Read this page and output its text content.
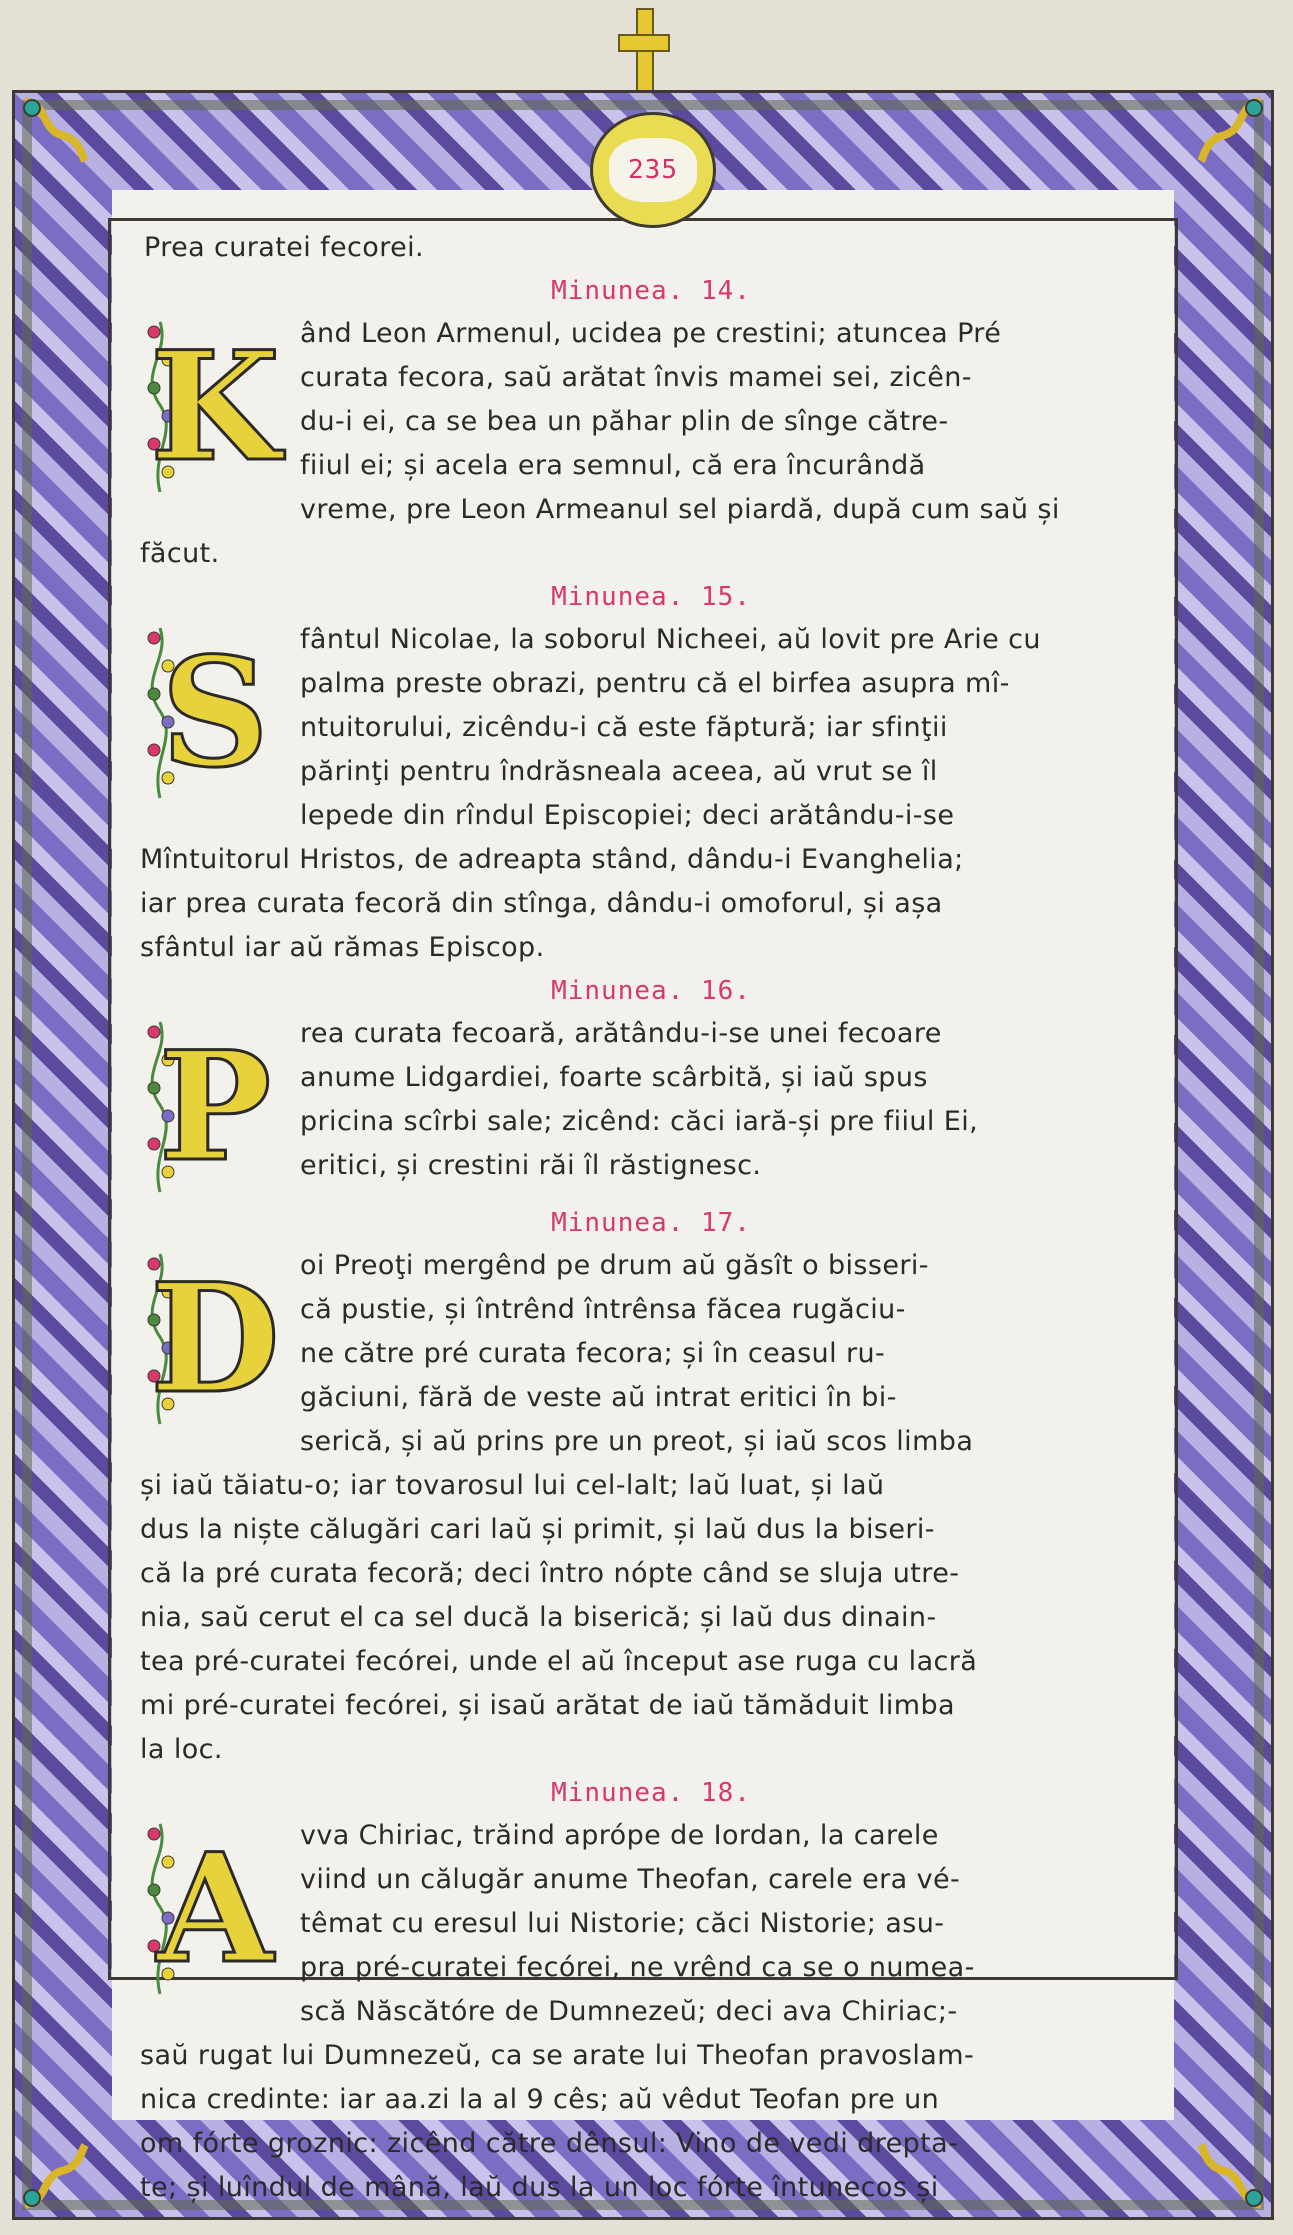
235
Prea curatei fecorei.
Minunea. 14.
K ând Leon Armenul, ucidea pe crestini; atuncea Pré
curata fecora, saŭ arătat învis mamei sei, zicên-
du-i ei, ca se bea un păhar plin de sînge către-
fiiul ei; și acela era semnul, că era încurândă
vreme, pre Leon Armeanul sel piardă, după cum saŭ și
făcut.
Minunea. 15.
S	fântul Nicolae, la soborul Nicheei, aŭ lovit pre Arie cu
palma preste obrazi, pentru că el birfea asupra mî-
ntuitorului, zicêndu-i că este făptură; iar sfinţii
părinţi pentru îndrăsneala aceea, aŭ vrut se îl
lepede din rîndul Episcopiei; deci arătându-i-se
Mîntuitorul Hristos, de adreapta stând, dându-i Evanghelia;
iar prea curata fecoră din stînga, dându-i omoforul, și așa
sfântul iar aŭ rămas Episcop.
Minunea. 16.
P	rea curata fecoară, arătându-i-se unei fecoare
anume Lidgardiei, foarte scârbită, și iaŭ spus
pricina scîrbi sale; zicênd: căci iară-și pre fiiul Ei,
eritici, și crestini răi îl răstignesc.
Minunea. 17.
D oi Preoţi mergênd pe drum aŭ găsît o bisseri-
că pustie, și întrênd întrênsa făcea rugăciu-
ne către pré curata fecora; și în ceasul ru-
găciuni, fără de veste aŭ intrat eritici în bi-
serică, și aŭ prins pre un preot, și iaŭ scos limba
și iaŭ tăiatu-o; iar tovarosul lui cel-lalt; laŭ luat, și laŭ
dus la niște călugări cari laŭ și primit, și laŭ dus la biseri-
că la pré curata fecoră; deci întro nópte când se sluja utre-
nia, saŭ cerut el ca sel ducă la biserică; și laŭ dus dinain-
tea pré-curatei fecórei, unde el aŭ început ase ruga cu lacră
mi pré-curatei fecórei, și isaŭ arătat de iaŭ tămăduit limba
la loc.
Minunea. 18.
A vva Chiriac, trăind aprópe de Iordan, la carele
viind un călugăr anume Theofan, carele era vé-
têmat cu eresul lui Nistorie; căci Nistorie; asu-
pra pré-curatei fecórei, ne vrênd ca se o numea-
scă Născătóre de Dumnezeŭ; deci ava Chiriac;-
saŭ rugat lui Dumnezeŭ, ca se arate lui Theofan pravoslam-
nica credinte: iar aa.zi la al 9 cês; aŭ vêdut Teofan pre un
om fórte groznic: zicênd către dênsul: Vino de vedi drepta-
te; și luîndul de mână, laŭ dus la un loc fórte întunecos și
